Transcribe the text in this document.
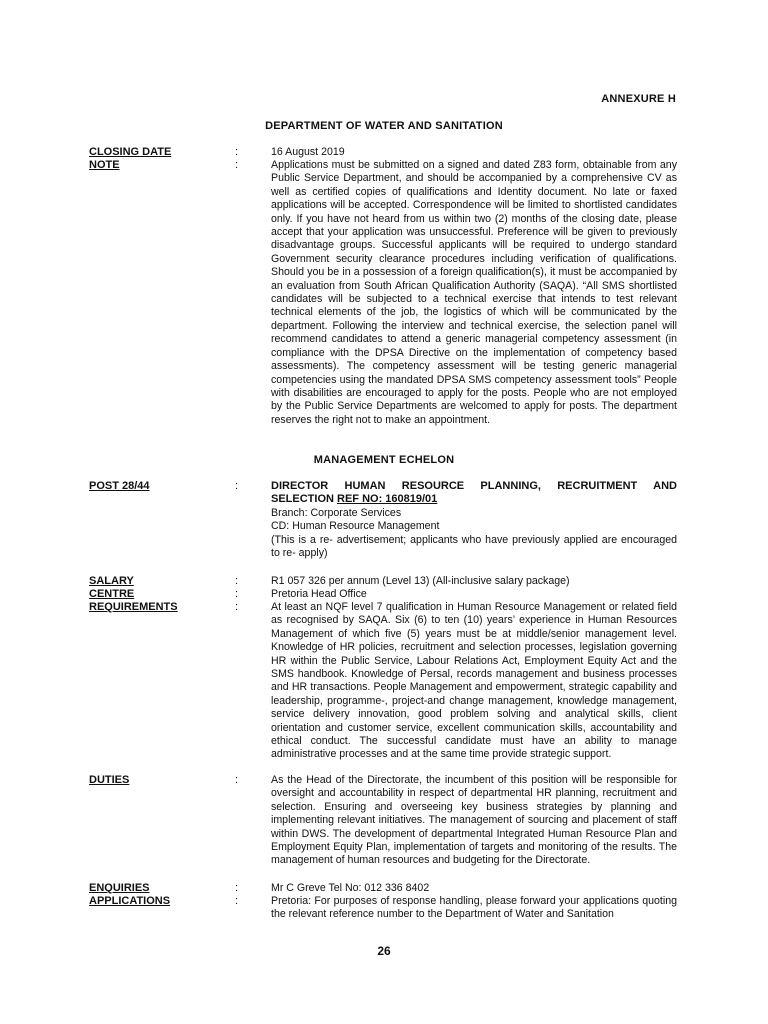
ANNEXURE H
DEPARTMENT OF WATER AND SANITATION
CLOSING DATE	:	16 August 2019
NOTE	:	Applications must be submitted on a signed and dated Z83 form, obtainable from any Public Service Department, and should be accompanied by a comprehensive CV as well as certified copies of qualifications and Identity document. No late or faxed applications will be accepted. Correspondence will be limited to shortlisted candidates only. If you have not heard from us within two (2) months of the closing date, please accept that your application was unsuccessful. Preference will be given to previously disadvantage groups. Successful applicants will be required to undergo standard Government security clearance procedures including verification of qualifications. Should you be in a possession of a foreign qualification(s), it must be accompanied by an evaluation from South African Qualification Authority (SAQA). “All SMS shortlisted candidates will be subjected to a technical exercise that intends to test relevant technical elements of the job, the logistics of which will be communicated by the department. Following the interview and technical exercise, the selection panel will recommend candidates to attend a generic managerial competency assessment (in compliance with the DPSA Directive on the implementation of competency based assessments). The competency assessment will be testing generic managerial competencies using the mandated DPSA SMS competency assessment tools” People with disabilities are encouraged to apply for the posts. People who are not employed by the Public Service Departments are welcomed to apply for posts. The department reserves the right not to make an appointment.
MANAGEMENT ECHELON
POST 28/44	:	DIRECTOR HUMAN RESOURCE PLANNING, RECRUITMENT AND
SELECTION REF NO: 160819/01

Branch: Corporate Services

CD: Human Resource Management

(This is a re- advertisement; applicants who have previously applied are encouraged to re- apply)

SALARY	:	R1 057 326 per annum (Level 13) (All-inclusive salary package)
CENTRE	:	Pretoria Head Office
REQUIREMENTS	:	At least an NQF level 7 qualification in Human Resource Management or related field as recognised by SAQA. Six (6) to ten (10) years’ experience in Human Resources Management of which five (5) years must be at middle/senior management level. Knowledge of HR policies, recruitment and selection processes, legislation governing HR within the Public Service, Labour Relations Act, Employment Equity Act and the SMS handbook. Knowledge of Persal, records management and business processes and HR transactions. People Management and empowerment, strategic capability and leadership, programme-, project-and change management, knowledge management, service delivery innovation, good problem solving and analytical skills, client orientation and customer service, excellent communication skills, accountability and ethical conduct. The successful candidate must have an ability to manage administrative processes and at the same time provide strategic support.
DUTIES	:	As the Head of the Directorate, the incumbent of this position will be responsible for oversight and accountability in respect of departmental HR planning, recruitment and selection. Ensuring and overseeing key business strategies by planning and implementing relevant initiatives. The management of sourcing and placement of staff within DWS. The development of departmental Integrated Human Resource Plan and Employment Equity Plan, implementation of targets and monitoring of the results. The management of human resources and budgeting for the Directorate.
ENQUIRIES	:	Mr C Greve Tel No: 012 336 8402
APPLICATIONS	:	Pretoria: For purposes of response handling, please forward your applications quoting the relevant reference number to the Department of Water and Sanitation
26
